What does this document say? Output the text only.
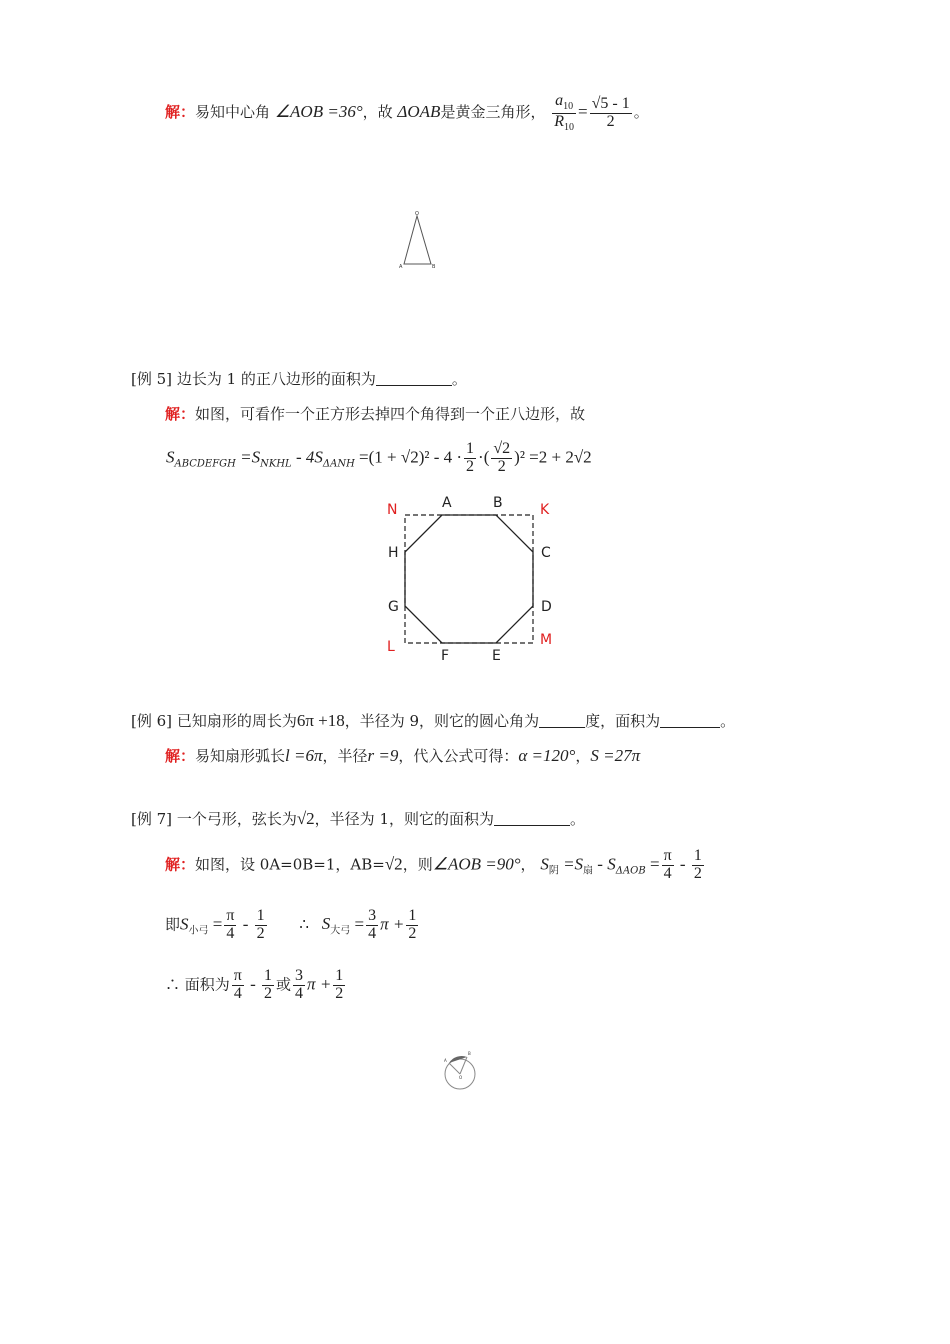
解：易知中心角 ∠AOB =36°，故 ΔOAB是黄金三角形， $\frac{a_{10}}{R_{10}} = \frac{√5 - 1}{2}$ 。
O
A	B
[例 5] 边长为 1 的正八边形的面积为	。
解：如图，可看作一个正方形去掉四个角得到一个正八边形，故
$S_{ABCDEFGH} =S_{NKHL} - 4S_{\Delta ANH} =(1 + √2)^2 - 4 \cdot \frac{1}{2}$ ·( $\frac{√2}{2} )^2 =2 + 2√2$
A	B
C
D
E
F
G
H
N	K
L	M
[例 6] 已知扇形的周长为6π +18，半径为 9，则它的圆心角为	度，面积为	。
解：易知扇形弧长l =6π，半径r =9，代入公式可得：α =120°，S =27π
[例 7] 一个弓形，弦长为√2，半径为 1，则它的面积为	。
解：如图，设 0A=0B=1，AB=√2，则∠AOB =90°， $S_阴 =S_扇 - S_{\Delta AOB} = \frac{\pi}{4} - \frac{1}{2}$
即$S_{小弓} = \frac{\pi}{4} - \frac{1}{2}$ ∴ $S_{大弓} = \frac{3}{4}$ $\pi + \frac{1}{2}$
∴ 面积为 $\frac{\pi}{4} - \frac{1}{2}$ 或 $\frac{3}{4}$ $\pi + \frac{1}{2}$
A
B
O
